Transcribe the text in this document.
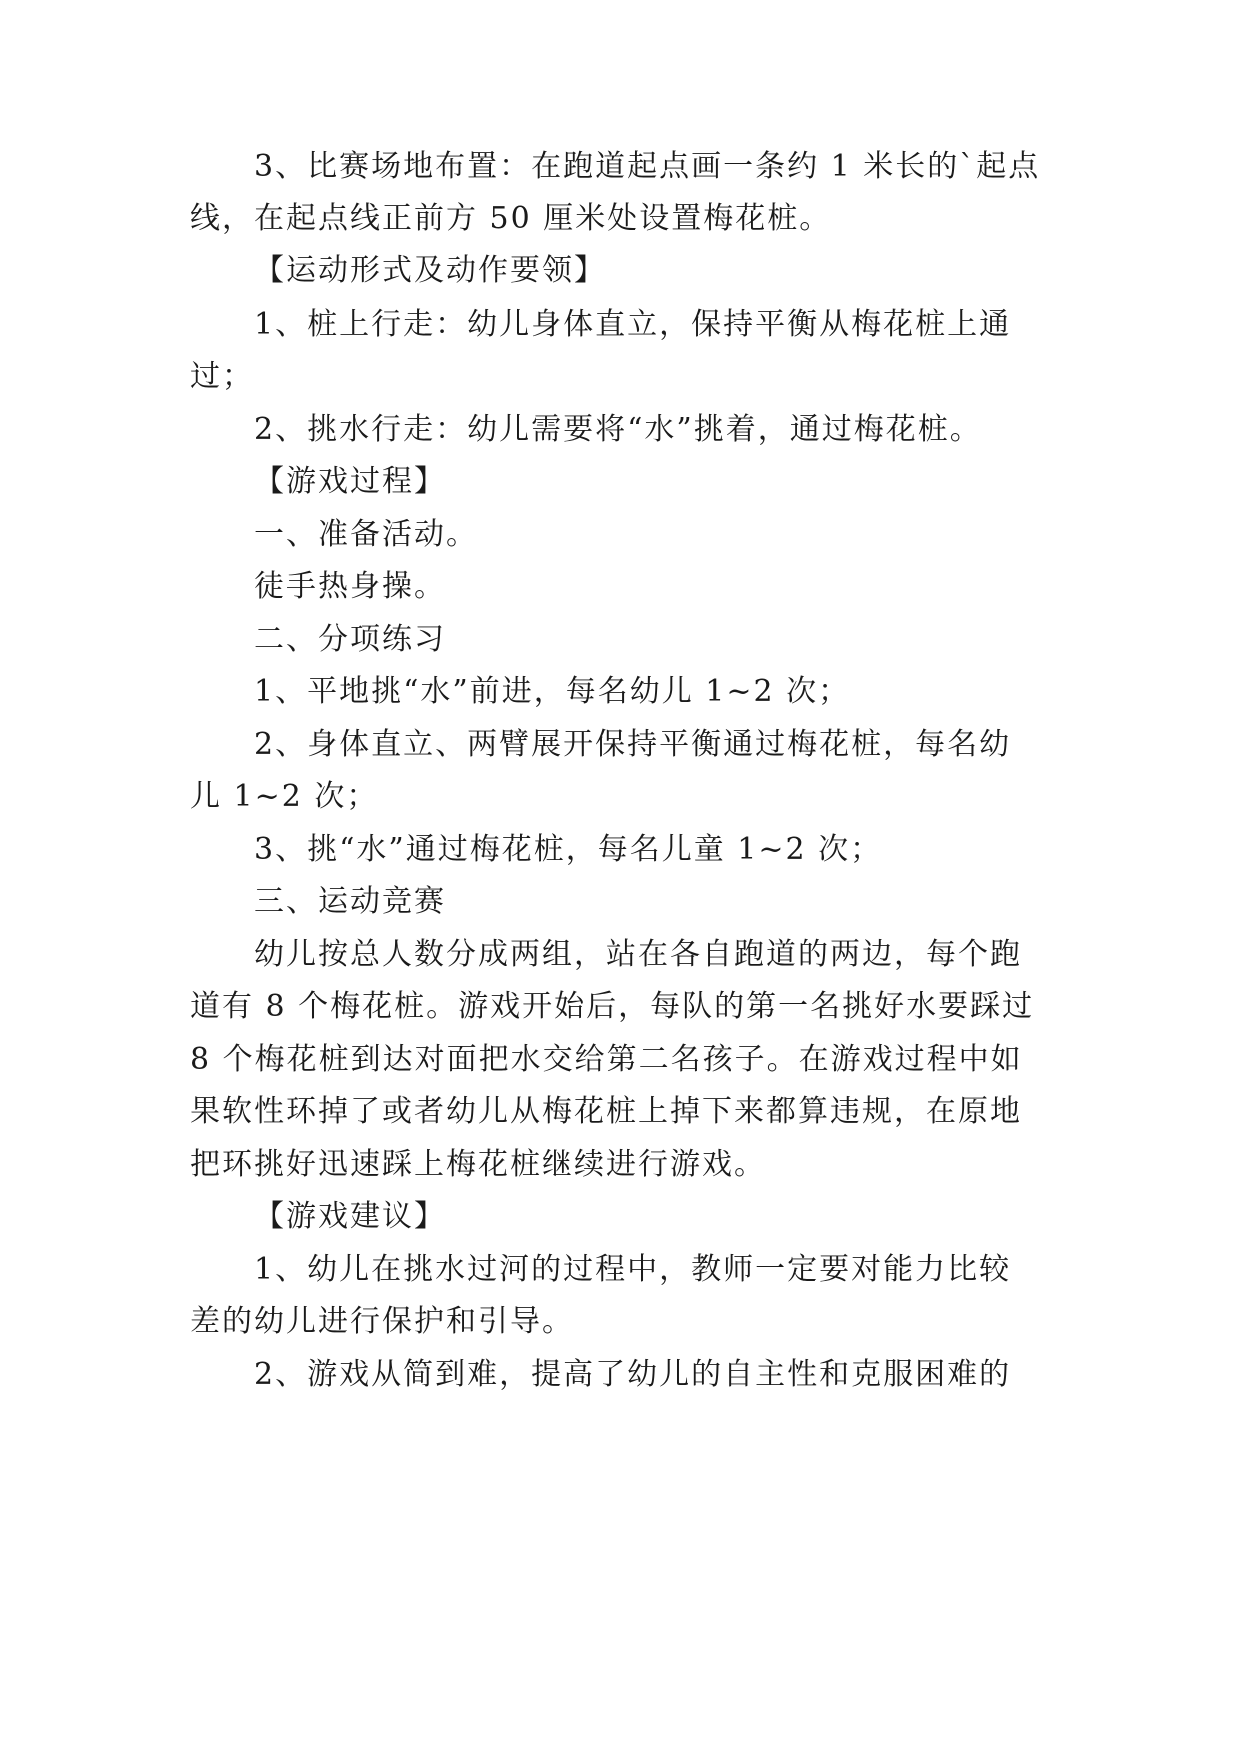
3、比赛场地布置：在跑道起点画一条约 1 米长的`起点
线，在起点线正前方 50 厘米处设置梅花桩。
【运动形式及动作要领】
1、桩上行走：幼儿身体直立，保持平衡从梅花桩上通
过；
2、挑水行走：幼儿需要将“水”挑着，通过梅花桩。
【游戏过程】
一、准备活动。
徒手热身操。
二、分项练习
1、平地挑“水”前进，每名幼儿 1~2 次；
2、身体直立、两臂展开保持平衡通过梅花桩，每名幼
儿 1~2 次；
3、挑“水”通过梅花桩，每名儿童 1~2 次；
三、运动竞赛
幼儿按总人数分成两组，站在各自跑道的两边，每个跑
道有 8 个梅花桩。游戏开始后，每队的第一名挑好水要踩过
8 个梅花桩到达对面把水交给第二名孩子。在游戏过程中如
果软性环掉了或者幼儿从梅花桩上掉下来都算违规，在原地
把环挑好迅速踩上梅花桩继续进行游戏。
【游戏建议】
1、幼儿在挑水过河的过程中，教师一定要对能力比较
差的幼儿进行保护和引导。
2、游戏从简到难，提高了幼儿的自主性和克服困难的
